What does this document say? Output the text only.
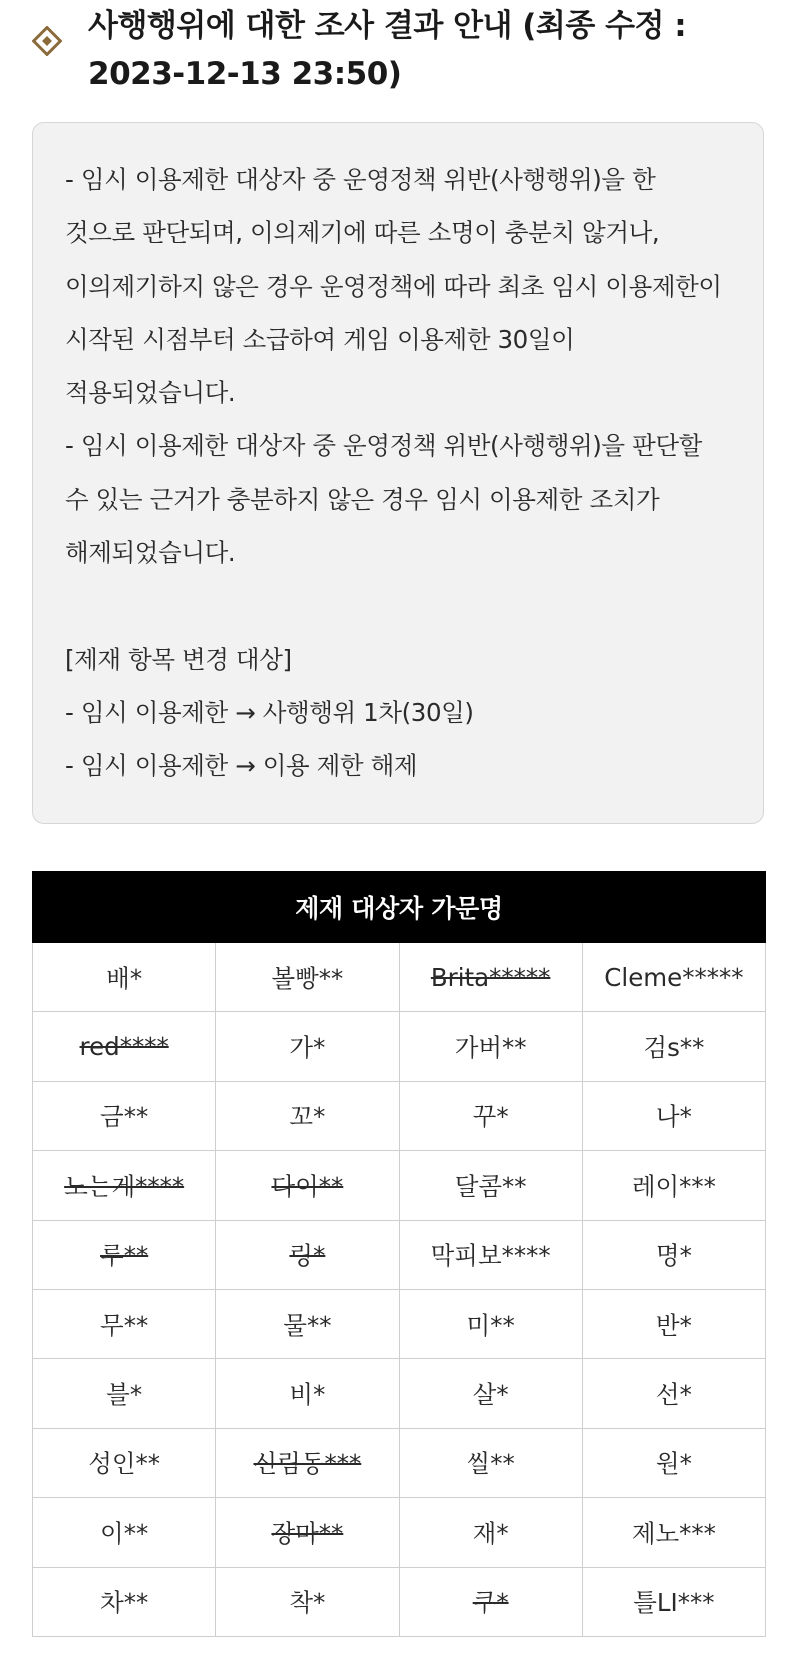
사행행위에 대한 조사 결과 안내 (최종 수정 :
2023-12-13 23:50)
- 임시 이용제한 대상자 중 운영정책 위반(사행행위)을 한
것으로 판단되며, 이의제기에 따른 소명이 충분치 않거나,
이의제기하지 않은 경우 운영정책에 따라 최초 임시 이용제한이
시작된 시점부터 소급하여 게임 이용제한 30일이
적용되었습니다.
- 임시 이용제한 대상자 중 운영정책 위반(사행행위)을 판단할
수 있는 근거가 충분하지 않은 경우 임시 이용제한 조치가
해제되었습니다.
[제재 항목 변경 대상]
- 임시 이용제한 → 사행행위 1차(30일)
- 임시 이용제한 → 이용 제한 해제
제재 대상자 가문명			
배*	볼빵**	Brita*****	Cleme*****
red****	가*	가버**	검s**
금**	꼬*	꾸*	나*
노는게****	다이**	달콤**	레이***
루**	링*	막피보****	명*
무**	물**	미**	반*
블*	비*	살*	선*
성인**	신림동***	씰**	원*
이**	장마**	재*	제노***
차**	착*	쿠*	틀LI***
